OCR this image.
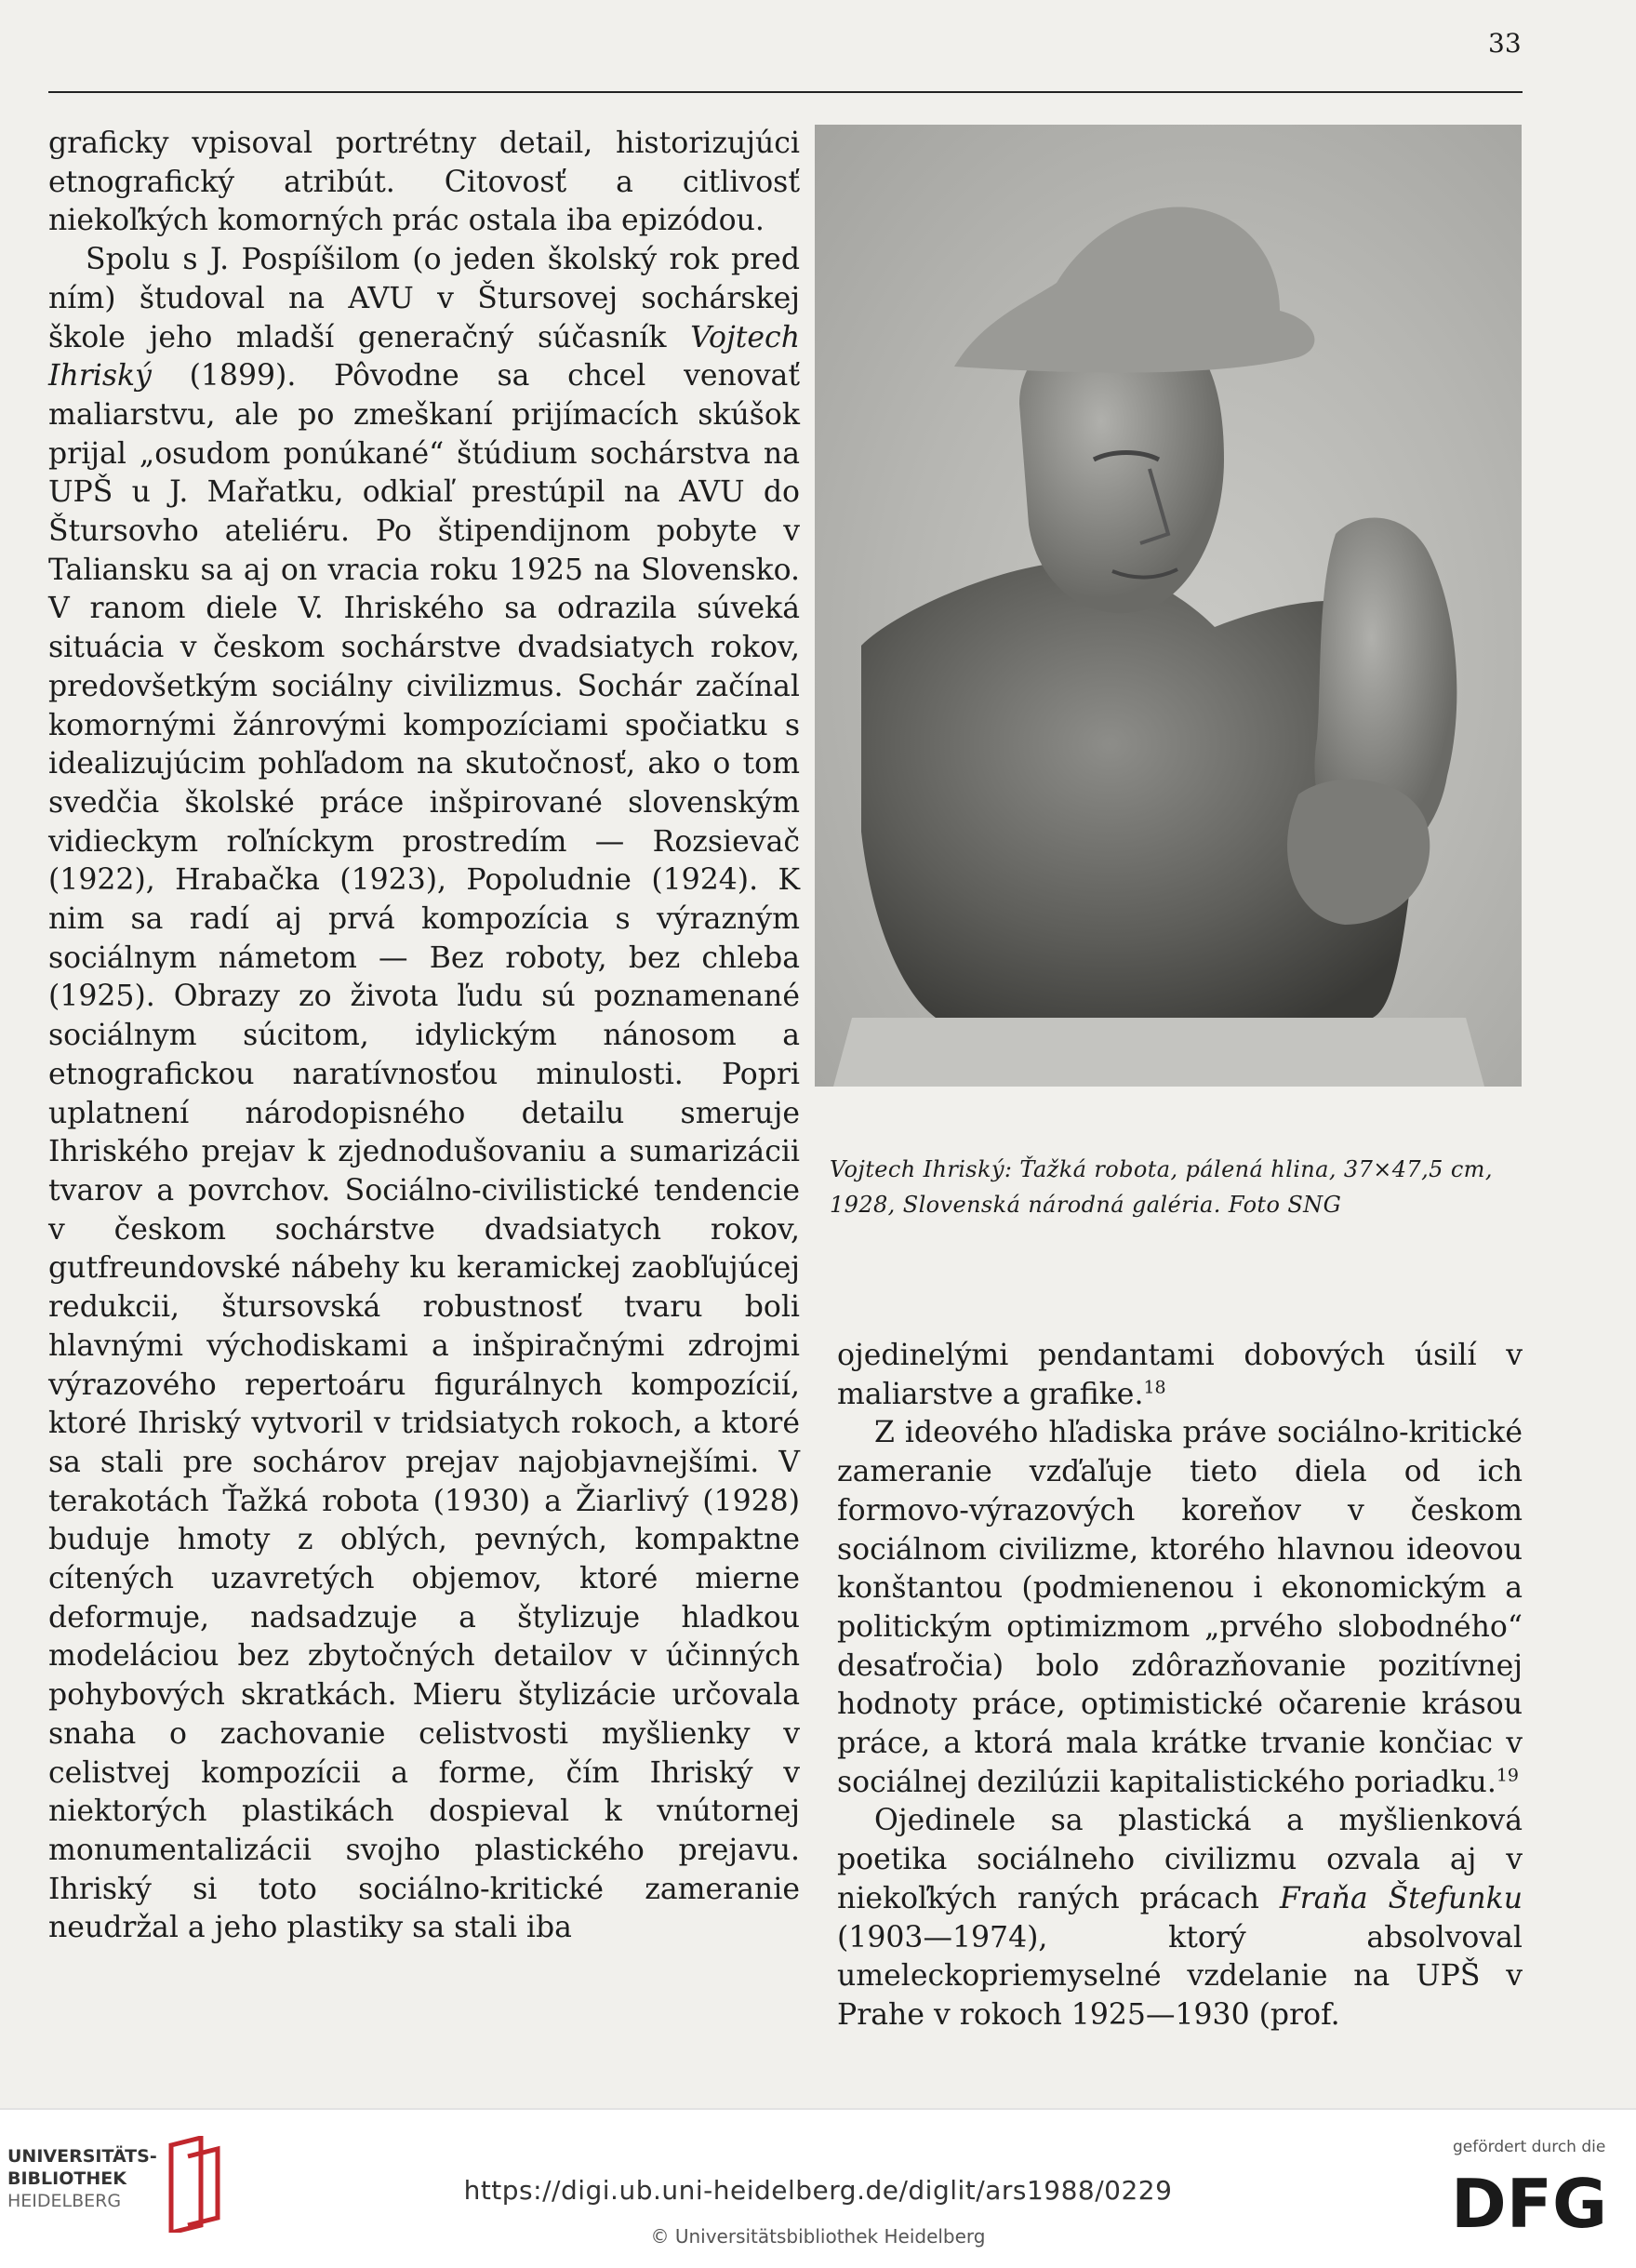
33

graficky vpisoval portrétny detail, historizujúci etnografický atribút. Citovosť a citlivosť niekoľkých komorných prác ostala iba epizódou.

Spolu s J. Pospíšilom (o jeden školský rok pred ním) študoval na AVU v Štursovej sochárskej škole jeho mladší generačný súčasník Vojtech Ihriský (1899). Pôvodne sa chcel venovať maliarstvu, ale po zmeškaní prijímacích skúšok prijal „osudom ponúkané“ štúdium sochárstva na UPŠ u J. Mařatku, odkiaľ prestúpil na AVU do Štursovho ateliéru. Po štipendijnom pobyte v Taliansku sa aj on vracia roku 1925 na Slovensko. V ranom diele V. Ihriského sa odrazila súveká situácia v českom sochárstve dvadsiatych rokov, predovšetkým sociálny civilizmus. Sochár začínal komornými žánrovými kompozíciami spočiatku s idealizujúcim pohľadom na skutočnosť, ako o tom svedčia školské práce inšpirované slovenským vidieckym roľníckym prostredím — Rozsievač (1922), Hrabačka (1923), Popoludnie (1924). K nim sa radí aj prvá kompozícia s výrazným sociálnym námetom — Bez roboty, bez chleba (1925). Obrazy zo života ľudu sú poznamenané sociálnym súcitom, idylickým nánosom a etnografickou naratívnosťou minulosti. Popri uplatnení národopisného detailu smeruje Ihriského prejav k zjednodušovaniu a sumarizácii tvarov a povrchov. Sociálno-civilistické tendencie v českom sochárstve dvadsiatych rokov, gutfreundovské nábehy ku keramickej zaobľujúcej redukcii, štursovská robustnosť tvaru boli hlavnými východiskami a inšpiračnými zdrojmi výrazového repertoáru figurálnych kompozícií, ktoré Ihriský vytvoril v tridsiatych rokoch, a ktoré sa stali pre sochárov prejav najobjavnejšími. V terakotách Ťažká robota (1930) a Žiarlivý (1928) buduje hmoty z oblých, pevných, kompaktne cítených uzavretých objemov, ktoré mierne deformuje, nadsadzuje a štylizuje hladkou modeláciou bez zbytočných detailov v účinných pohybových skratkách. Mieru štylizácie určovala snaha o zachovanie celistvosti myšlienky v celistvej kompozícii a forme, čím Ihriský v niektorých plastikách dospieval k vnútornej monumentalizácii svojho plastického prejavu. Ihriský si toto sociálno-kritické zameranie neudržal a jeho plastiky sa stali iba

Vojtech Ihriský: Ťažká robota, pálená hlina, 37×47,5 cm, 1928, Slovenská národná galéria. Foto SNG

ojedinelými pendantami dobových úsilí v maliarstve a grafike.$^{18}$

Z ideového hľadiska práve sociálno-kritické zameranie vzďaľuje tieto diela od ich formovo-výrazových koreňov v českom sociálnom civilizme, ktorého hlavnou ideovou konštantou (podmienenou i ekonomickým a politickým optimizmom „prvého slobodného“ desaťročia) bolo zdôrazňovanie pozitívnej hodnoty práce, optimistické očarenie krásou práce, a ktorá mala krátke trvanie končiac v sociálnej dezilúzii kapitalistického poriadku.$^{19}$

Ojedinele sa plastická a myšlienková poetika sociálneho civilizmu ozvala aj v niekoľkých raných prácach Fraňa Štefunku (1903—1974), ktorý absolvoval umeleckopriemyselné vzdelanie na UPŠ v Prahe v rokoch 1925—1930 (prof.

UNIVERSITÄTS-
BIBLIOTHEK
HEIDELBERG	https://digi.ub.uni-heidelberg.de/diglit/ars1988/0229
© Universitätsbibliothek Heidelberg
gefördert durch die
DFG
